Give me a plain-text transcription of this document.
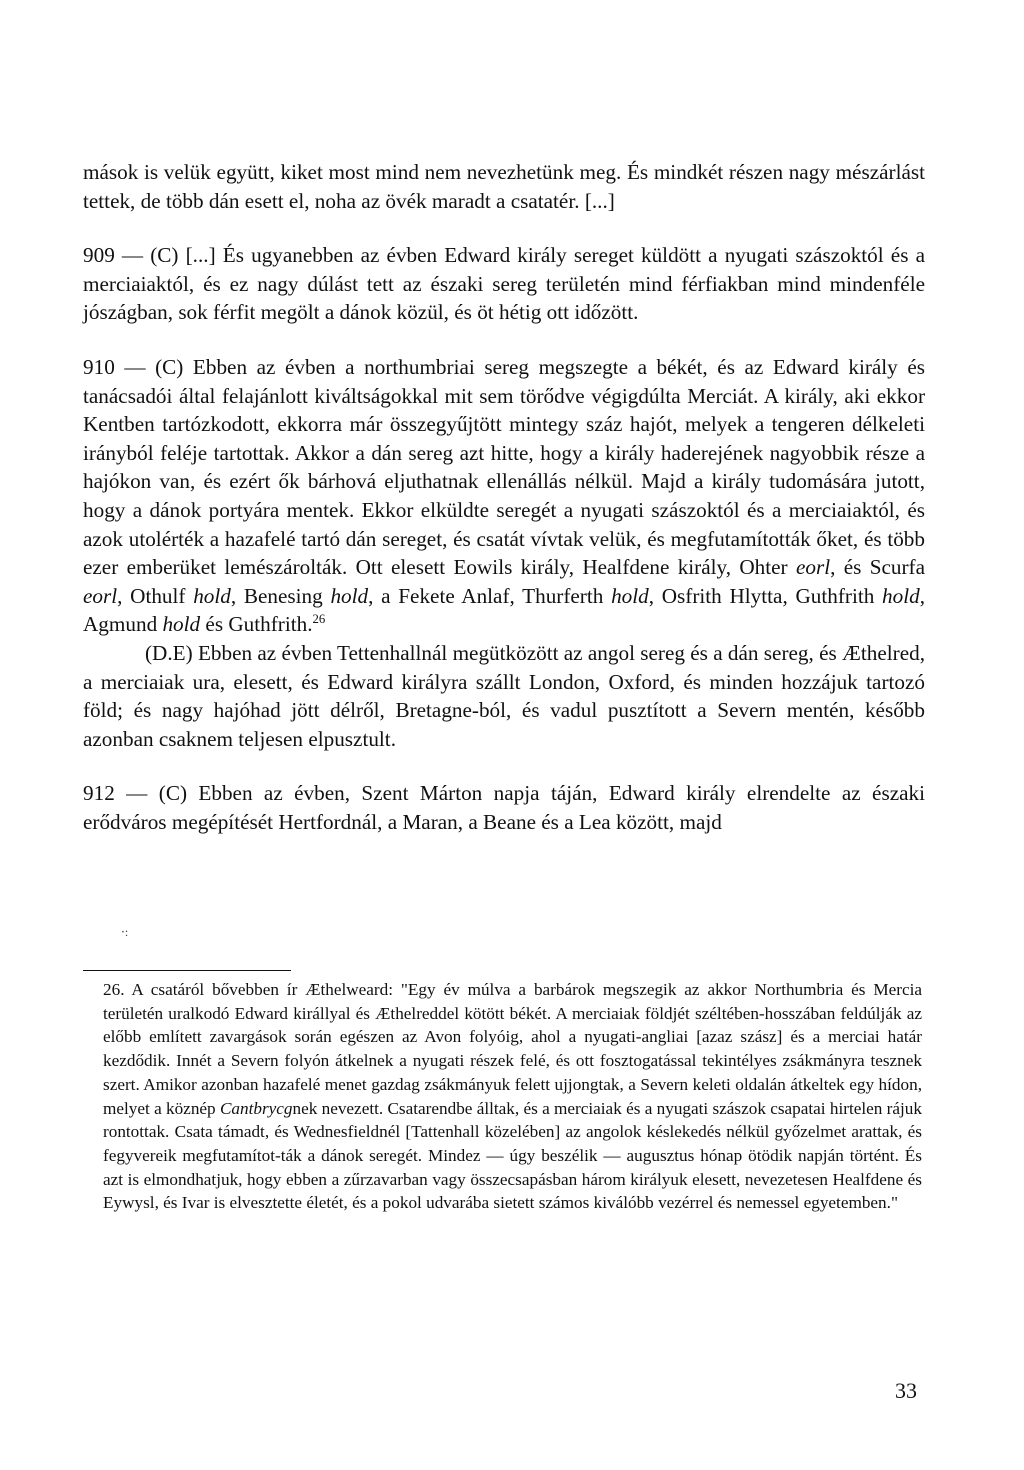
mások is velük együtt, kiket most mind nem nevezhetünk meg. És mindkét részen nagy mészárlást tettek, de több dán esett el, noha az övék maradt a csatatér. [...]

909 — (C) [...] És ugyanebben az évben Edward király sereget küldött a nyugati szászoktól és a merciaiaktól, és ez nagy dúlást tett az északi sereg területén mind férfiakban mind mindenféle jószágban, sok férfit megölt a dánok közül, és öt hétig ott időzött.

910 — (C) Ebben az évben a northumbriai sereg megszegte a békét, és az Edward király és tanácsadói által felajánlott kiváltságokkal mit sem törődve végigdúlta Merciát. A király, aki ekkor Kentben tartózkodott, ekkorra már összegyűjtött mintegy száz hajót, melyek a tengeren délkeleti irányból feléje tartottak. Akkor a dán sereg azt hitte, hogy a király haderejének nagyobbik része a hajókon van, és ezért ők bárhová eljuthatnak ellenállás nélkül. Majd a király tudomására jutott, hogy a dánok portyára mentek. Ekkor elküldte seregét a nyugati szászoktól és a merciaiaktól, és azok utolérték a hazafelé tartó dán sereget, és csatát vívtak velük, és megfutamították őket, és több ezer emberüket lemészárolták. Ott elesett Eowils király, Healfdene király, Ohter eorl, és Scurfa eorl, Othulf hold, Benesing hold, a Fekete Anlaf, Thurferth hold, Osfrith Hlytta, Guthfrith hold, Agmund hold és Guthfrith.$^{26}$

(D.E) Ebben az évben Tettenhallnál megütközött az angol sereg és a dán sereg, és Æthelred, a merciaiak ura, elesett, és Edward királyra szállt London, Oxford, és minden hozzájuk tartozó föld; és nagy hajóhad jött délről, Bretagne-ból, és vadul pusztított a Severn mentén, később azonban csaknem teljesen elpusztult.

912 — (C) Ebben az évben, Szent Márton napja táján, Edward király elrendelte az északi erődváros megépítését Hertfordnál, a Maran, a Beane és a Lea között, majd

‧:

26. A csatáról bővebben ír Æthelweard: "Egy év múlva a barbárok megszegik az akkor Northumbria és Mercia területén uralkodó Edward királlyal és Æthelreddel kötött békét. A merciaiak földjét széltében-hosszában feldúlják az előbb említett zavargások során egészen az Avon folyóig, ahol a nyugati-angliai [azaz szász] és a merciai határ kezdődik. Innét a Severn folyón átkelnek a nyugati részek felé, és ott fosztogatással tekintélyes zsákmányra tesznek szert. Amikor azonban hazafelé menet gazdag zsákmányuk felett ujjongtak, a Severn keleti oldalán átkeltek egy hídon, melyet a köznép Cantbrycgnek nevezett. Csatarendbe álltak, és a merciaiak és a nyugati szászok csapatai hirtelen rájuk rontottak. Csata támadt, és Wednesfieldnél [Tattenhall közelében] az angolok késlekedés nélkül győzelmet arattak, és fegyvereik megfutamítot-ták a dánok seregét. Mindez — úgy beszélik — augusztus hónap ötödik napján történt. És azt is elmondhatjuk, hogy ebben a zűrzavarban vagy összecsapásban három királyuk elesett, nevezetesen Healfdene és Eywysl, és Ivar is elvesztette életét, és a pokol udvarába sietett számos kiválóbb vezérrel és nemessel egyetemben."

33
